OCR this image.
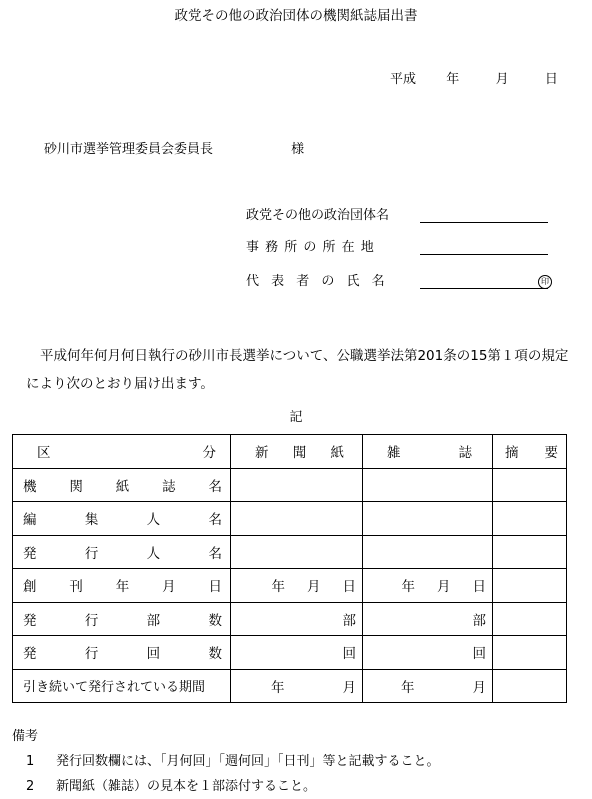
政党その他の政治団体の機関紙誌届出書
平成 年	月	日
砂川市選挙管理委員会委員長	様
政党その他の政治団体名
事 務 所 の 所 在 地
代 表 者 の 氏 名	印
平成何年何月何日執行の砂川市長選挙について、公職選挙法第201条の15第１項の規定により次のとおり届け出ます。
記
区 分	新 聞 紙	雑 誌	摘 要

機 関 紙 誌 名			

編 集 人 名			

発 行 人 名			

創 刊 年 月 日	年 月 日	年 月 日	

発 行 部 数	部	部	

発 行 回 数	回	回	

引き続いて発行されている期間	年 月	年 月	

備考
1 発行回数欄には、「月何回」「週何回」「日刊」等と記載すること。
2 新聞紙（雑誌）の見本を１部添付すること。
